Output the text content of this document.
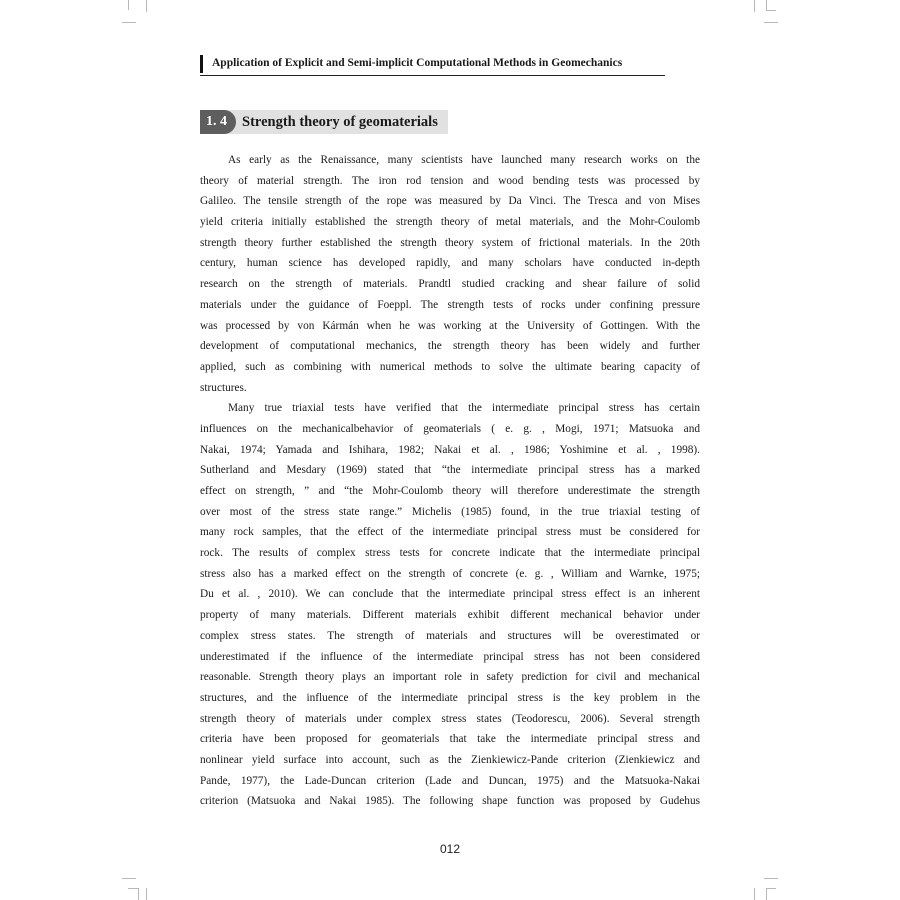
Application of Explicit and Semi-implicit Computational Methods in Geomechanics
1. 4	Strength theory of geomaterials
As early as the Renaissance, many scientists have launched many research works on the
theory of material strength. The iron rod tension and wood bending tests was processed by
Galileo. The tensile strength of the rope was measured by Da Vinci. The Tresca and von Mises
yield criteria initially established the strength theory of metal materials, and the Mohr-Coulomb
strength theory further established the strength theory system of frictional materials. In the 20th
century, human science has developed rapidly, and many scholars have conducted in-depth
research on the strength of materials. Prandtl studied cracking and shear failure of solid
materials under the guidance of Foeppl. The strength tests of rocks under confining pressure
was processed by von Kármán when he was working at the University of Gottingen. With the
development of computational mechanics, the strength theory has been widely and further
applied, such as combining with numerical methods to solve the ultimate bearing capacity of
structures.
Many true triaxial tests have verified that the intermediate principal stress has certain
influences on the mechanicalbehavior of geomaterials ( e. g. , Mogi, 1971; Matsuoka and
Nakai, 1974; Yamada and Ishihara, 1982; Nakai et al. , 1986; Yoshimine et al. , 1998).
Sutherland and Mesdary (1969) stated that “the intermediate principal stress has a marked
effect on strength, ” and “the Mohr-Coulomb theory will therefore underestimate the strength
over most of the stress state range.” Michelis (1985) found, in the true triaxial testing of
many rock samples, that the effect of the intermediate principal stress must be considered for
rock. The results of complex stress tests for concrete indicate that the intermediate principal
stress also has a marked effect on the strength of concrete (e. g. , William and Warnke, 1975;
Du et al. , 2010). We can conclude that the intermediate principal stress effect is an inherent
property of many materials. Different materials exhibit different mechanical behavior under
complex stress states. The strength of materials and structures will be overestimated or
underestimated if the influence of the intermediate principal stress has not been considered
reasonable. Strength theory plays an important role in safety prediction for civil and mechanical
structures, and the influence of the intermediate principal stress is the key problem in the
strength theory of materials under complex stress states (Teodorescu, 2006). Several strength
criteria have been proposed for geomaterials that take the intermediate principal stress and
nonlinear yield surface into account, such as the Zienkiewicz-Pande criterion (Zienkiewicz and
Pande, 1977), the Lade-Duncan criterion (Lade and Duncan, 1975) and the Matsuoka-Nakai
criterion (Matsuoka and Nakai 1985). The following shape function was proposed by Gudehus
012
